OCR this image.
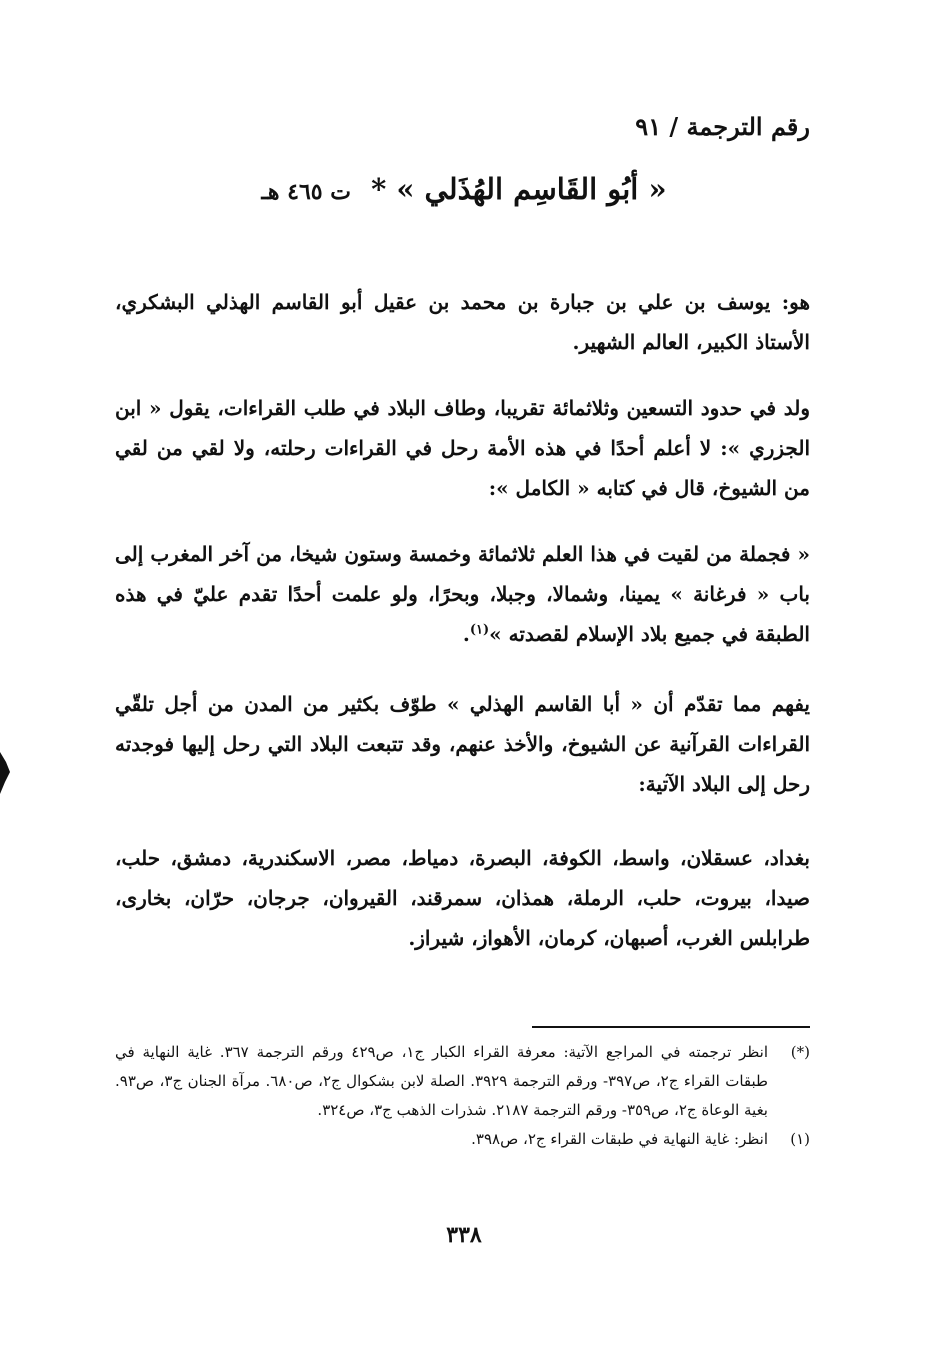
رقم الترجمة / ٩١
« أبُو القَاسِم الهُذَلي » * ت ٤٦٥ هـ

هو: يوسف بن علي بن جبارة بن محمد بن عقيل أبو القاسم الهذلي البشكري، الأستاذ الكبير، العالم الشهير.

ولد في حدود التسعين وثلاثمائة تقريبا، وطاف البلاد في طلب القراءات، يقول « ابن الجزري »: لا أعلم أحدًا في هذه الأمة رحل في القراءات رحلته، ولا لقي من لقي من الشيوخ، قال في كتابه « الكامل »:

« فجملة من لقيت في هذا العلم ثلاثمائة وخمسة وستون شيخا، من آخر المغرب إلى باب « فرغانة » يمينا، وشمالا، وجبلا، وبحرًا، ولو علمت أحدًا تقدم عليّ في هذه الطبقة في جميع بلاد الإسلام لقصدته »$^{(١)}$.

يفهم مما تقدّم أن « أبا القاسم الهذلي » طوّف بكثير من المدن من أجل تلقّي القراءات القرآنية عن الشيوخ، والأخذ عنهم، وقد تتبعت البلاد التي رحل إليها فوجدته رحل إلى البلاد الآتية:

بغداد، عسقلان، واسط، الكوفة، البصرة، دمياط، مصر، الاسكندرية، دمشق، حلب، صيدا، بيروت، حلب، الرملة، همذان، سمرقند، القيروان، جرجان، حرّان، بخارى، طرابلس الغرب، أصبهان، كرمان، الأهواز، شيراز.

(*)
انظر ترجمته في المراجع الآتية: معرفة القراء الكبار ج١، ص٤٢٩ ورقم الترجمة ٣٦٧. غاية النهاية في طبقات القراء ج٢، ص٣٩٧- ورقم الترجمة ٣٩٢٩. الصلة لابن بشكوال ج٢، ص٦٨٠. مرآة الجنان ج٣، ص٩٣. بغية الوعاة ج٢، ص٣٥٩- ورقم الترجمة ٢١٨٧. شذرات الذهب ج٣، ص٣٢٤.
(١)
انظر: غاية النهاية في طبقات القراء ج٢، ص٣٩٨.
٣٣٨
